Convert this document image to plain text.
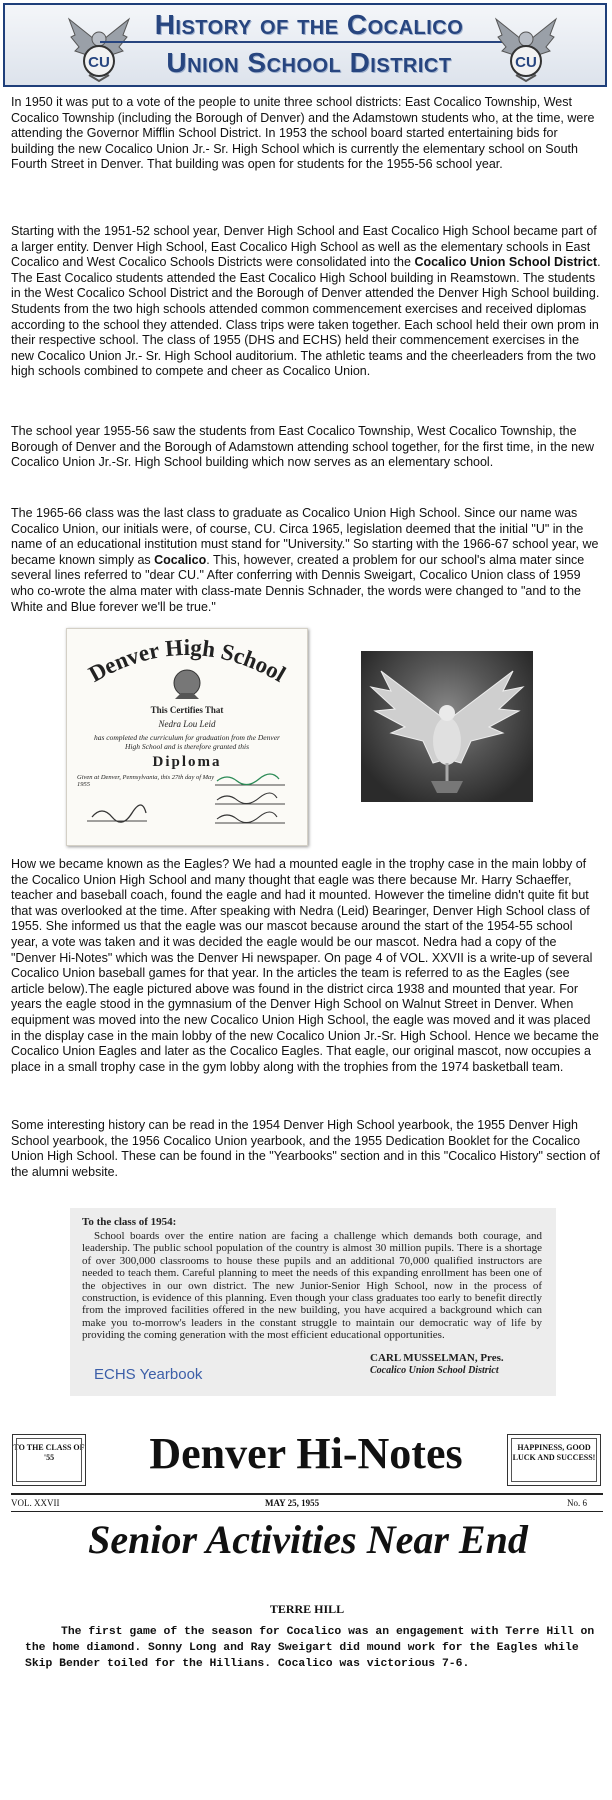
CU
History of the Cocalico
Union School District	CU

In 1950 it was put to a vote of the people to unite three school districts: East Cocalico Township, West Cocalico Township (including the Borough of Denver) and the Adamstown students who, at the time, were attending the Governor Mifflin School District. In 1953 the school board started entertaining bids for building the new Cocalico Union Jr.- Sr. High School which is currently the elementary school on South Fourth Street in Denver. That building was open for students for the 1955-56 school year.

Starting with the 1951-52 school year, Denver High School and East Cocalico High School became part of a larger entity. Denver High School, East Cocalico High School as well as the elementary schools in East Cocalico and West Cocalico Schools Districts were consolidated into the Cocalico Union School District. The East Cocalico students attended the East Cocalico High School building in Reamstown. The students in the West Cocalico School District and the Borough of Denver attended the Denver High School building. Students from the two high schools attended common commencement exercises and received diplomas according to the school they attended. Class trips were taken together. Each school held their own prom in their respective school. The class of 1955 (DHS and ECHS) held their commencement exercises in the new Cocalico Union Jr.- Sr. High School auditorium. The athletic teams and the cheerleaders from the two high schools combined to compete and cheer as Cocalico Union.

The school year 1955-56 saw the students from East Cocalico Township, West Cocalico Township, the Borough of Denver and the Borough of Adamstown attending school together, for the first time, in the new Cocalico Union Jr.-Sr. High School building which now serves as an elementary school.

The 1965-66 class was the last class to graduate as Cocalico Union High School. Since our name was Cocalico Union, our initials were, of course, CU. Circa 1965, legislation deemed that the initial "U" in the name of an educational institution must stand for "University." So starting with the 1966-67 school year, we became known simply as Cocalico. This, however, created a problem for our school's alma mater since several lines referred to "dear CU." After conferring with Dennis Sweigart, Cocalico Union class of 1959 who co-wrote the alma mater with class-mate Dennis Schnader, the words were changed to "and to the White and Blue forever we'll be true."

Denver High School
This Certifies That
Nedra Lou Leid
has completed the curriculum for graduation from the Denver High School and is therefore granted this
Diploma
Given at Denver, Pennsylvania, this 27th day of May 1955

How we became known as the Eagles? We had a mounted eagle in the trophy case in the main lobby of the Cocalico Union High School and many thought that eagle was there because Mr. Harry Schaeffer, teacher and baseball coach, found the eagle and had it mounted. However the timeline didn't quite fit but that was overlooked at the time. After speaking with Nedra (Leid) Bearinger, Denver High School class of 1955. She informed us that the eagle was our mascot because around the start of the 1954-55 school year, a vote was taken and it was decided the eagle would be our mascot. Nedra had a copy of the "Denver Hi-Notes" which was the Denver Hi newspaper. On page 4 of VOL. XXVII is a write-up of several Cocalico Union baseball games for that year. In the articles the team is referred to as the Eagles (see article below).The eagle pictured above was found in the district circa 1938 and mounted that year. For years the eagle stood in the gymnasium of the Denver High School on Walnut Street in Denver. When equipment was moved into the new Cocalico Union High School, the eagle was moved and it was placed in the display case in the main lobby of the new Cocalico Union Jr.-Sr. High School. Hence we became the Cocalico Union Eagles and later as the Cocalico Eagles. That eagle, our original mascot, now occupies a place in a small trophy case in the gym lobby along with the trophies from the 1974 basketball team.

Some interesting history can be read in the 1954 Denver High School yearbook, the 1955 Denver High School yearbook, the 1956 Cocalico Union yearbook, and the 1955 Dedication Booklet for the Cocalico Union High School. These can be found in the "Yearbooks" section and in this "Cocalico History" section of the alumni website.

To the class of 1954:
School boards over the entire nation are facing a challenge which demands both courage, and leadership. The public school population of the country is almost 30 million pupils. There is a shortage of over 300,000 classrooms to house these pupils and an additional 70,000 qualified instructors are needed to teach them. Careful planning to meet the needs of this expanding enrollment has been one of the objectives in our own district. The new Junior-Senior High School, now in the process of construction, is evidence of this planning. Even though your class graduates too early to benefit directly from the improved facilities offered in the new building, you have acquired a background which can make you to-morrow's leaders in the constant struggle to maintain our democratic way of life by providing the coming generation with the most efficient educational opportunities.
CARL MUSSELMAN, Pres.
Cocalico Union School District
ECHS Yearbook
TO THE CLASS OF '55	Denver Hi-Notes	HAPPINESS, GOOD LUCK AND SUCCESS!
VOL. XXVII	MAY 25, 1955	No. 6
Senior Activities Near End
TERRE HILL
The first game of the season for Cocalico was an engagement with Terre Hill on the home diamond. Sonny Long and Ray Sweigart did mound work for the Eagles while Skip Bender toiled for the Hillians. Cocalico was victorious 7-6.
